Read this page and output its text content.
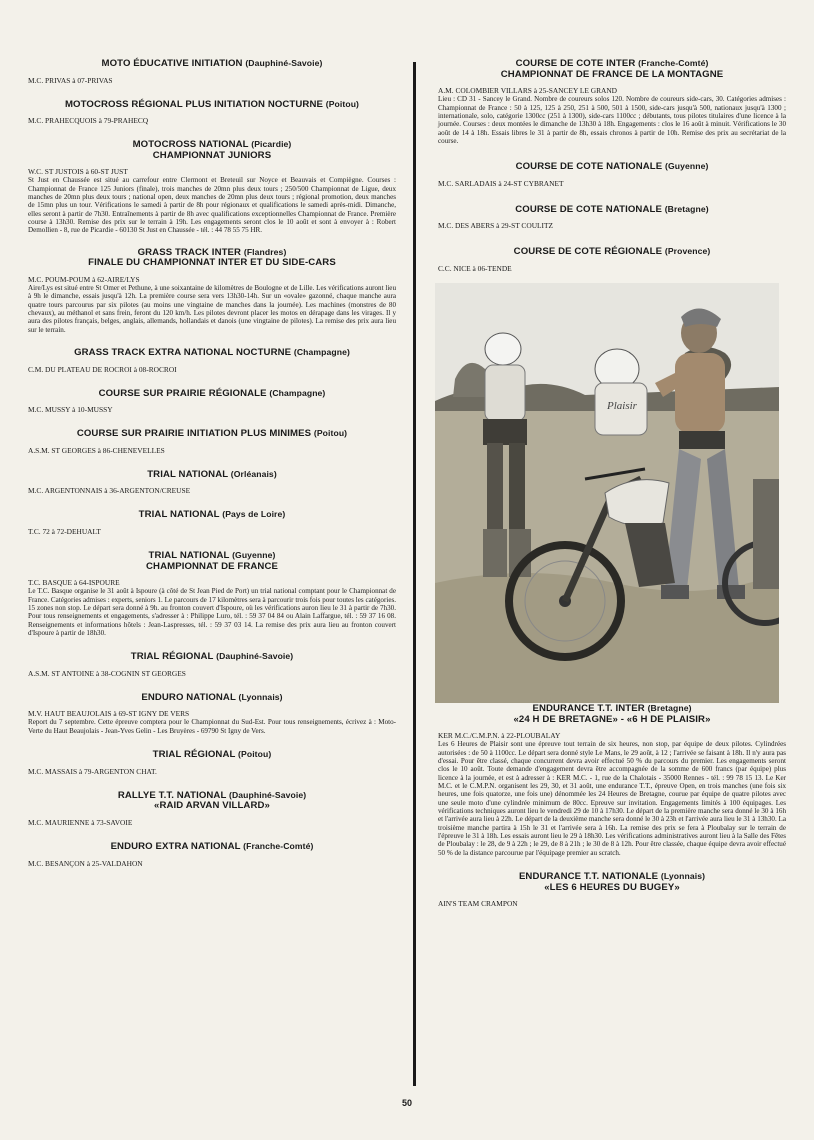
MOTO ÉDUCATIVE INITIATION (Dauphiné-Savoie)

M.C. PRIVAS à 07-PRIVAS

MOTOCROSS RÉGIONAL PLUS INITIATION NOCTURNE (Poitou)

M.C. PRAHECQUOIS à 79-PRAHECQ

MOTOCROSS NATIONAL (Picardie)
CHAMPIONNAT JUNIORS

W.C. ST JUSTOIS à 60-ST JUST

St Just en Chaussée est situé au carrefour entre Clermont et Breteuil sur Noyce et Beauvais et Compiègne. Courses : Championnat de France 125 Juniors (finale), trois manches de 20mn plus deux tours ; 250/500 Championnat de Ligue, deux manches de 20mn plus deux tours ; national open, deux manches de 20mn plus deux tours ; régional promotion, deux manches de 15mn plus un tour. Vérifications le samedi à partir de 8h pour régionaux et qualifications le samedi après-midi. Dimanche, elles seront à partir de 7h30. Entraînements à partir de 8h avec qualifications exceptionnelles Championnat de France. Première course à 13h30. Remise des prix sur le terrain à 19h. Les engagements seront clos le 10 août et sont à envoyer à : Robert Demollien - 8, rue de Picardie - 60130 St Just en Chaussée - tél. : 44 78 55 75 HR.

GRASS TRACK INTER (Flandres)
FINALE DU CHAMPIONNAT INTER ET DU SIDE-CARS

M.C. POUM-POUM à 62-AIRE/LYS

Aire/Lys est situé entre St Omer et Pethune, à une soixantaine de kilomètres de Boulogne et de Lille. Les vérifications auront lieu à 9h le dimanche, essais jusqu'à 12h. La première course sera vers 13h30-14h. Sur un «ovale» gazonné, chaque manche aura quatre tours parcourus par six pilotes (au moins une vingtaine de manches dans la journée). Les machines (monstres de 80 chevaux), au méthanol et sans frein, feront du 120 km/h. Les pilotes devront placer les motos en dérapage dans les virages. Il y aura des pilotes français, belges, anglais, allemands, hollandais et danois (une vingtaine de pilotes). La remise des prix aura lieu sur le terrain.

GRASS TRACK EXTRA NATIONAL NOCTURNE (Champagne)

C.M. DU PLATEAU DE ROCROI à 08-ROCROI

COURSE SUR PRAIRIE RÉGIONALE (Champagne)

M.C. MUSSY à 10-MUSSY

COURSE SUR PRAIRIE INITIATION PLUS MINIMES (Poitou)

A.S.M. ST GEORGES à 86-CHENEVELLES

TRIAL NATIONAL (Orléanais)

M.C. ARGENTONNAIS à 36-ARGENTON/CREUSE

TRIAL NATIONAL (Pays de Loire)

T.C. 72 à 72-DEHUALT

TRIAL NATIONAL (Guyenne)
CHAMPIONNAT DE FRANCE

T.C. BASQUE à 64-ISPOURE

Le T.C. Basque organise le 31 août à Ispoure (à côté de St Jean Pied de Port) un trial national comptant pour le Championnat de France. Catégories admises : experts, seniors 1. Le parcours de 17 kilomètres sera à parcourir trois fois pour toutes les catégories. 15 zones non stop. Le départ sera donné à 9h. au fronton couvert d'Ispoure, où les vérifications auron lieu le 31 à partir de 7h30. Pour tous renseignements et engagements, s'adresser à : Philippe Luro, tél. : 59 37 04 84 ou Alain Laffargue, tél. : 59 37 16 08. Renseignements et informations hôtels : Jean-Laspresses, tél. : 59 37 03 14. La remise des prix aura lieu au fronton couvert d'Ispoure à partir de 18h30.

TRIAL RÉGIONAL (Dauphiné-Savoie)

A.S.M. ST ANTOINE à 38-COGNIN ST GEORGES

ENDURO NATIONAL (Lyonnais)

M.V. HAUT BEAUJOLAIS à 69-ST IGNY DE VERS

Report du 7 septembre. Cette épreuve comptera pour le Championnat du Sud-Est. Pour tous renseignements, écrivez à : Moto-Verte du Haut Beaujolais - Jean-Yves Gelin - Les Bruyères - 69790 St Igny de Vers.

TRIAL RÉGIONAL (Poitou)

M.C. MASSAIS à 79-ARGENTON CHAT.

RALLYE T.T. NATIONAL (Dauphiné-Savoie)
«RAID ARVAN VILLARD»

M.C. MAURIENNE à 73-SAVOIE

ENDURO EXTRA NATIONAL (Franche-Comté)

M.C. BESANÇON à 25-VALDAHON

COURSE DE COTE INTER (Franche-Comté)
CHAMPIONNAT DE FRANCE DE LA MONTAGNE

A.M. COLOMBIER VILLARS à 25-SANCEY LE GRAND

Lieu : CD 31 - Sancey le Grand. Nombre de coureurs solos 120. Nombre de coureurs side-cars, 30. Catégories admises : Championnat de France : 50 à 125, 125 à 250, 251 à 500, 501 à 1500, side-cars jusqu'à 500, nationaux jusqu'à 1300 ; internationale, solo, catégorie 1300cc (251 à 1300), side-cars 1100cc ; débutants, tous pilotes titulaires d'une licence à la journée. Courses : deux montées le dimanche de 13h30 à 18h. Engagements : clos le 16 août à minuit. Vérifications le 30 août de 14 à 18h. Essais libres le 31 à partir de 8h, essais chronos à partir de 10h. Remise des prix au secrétariat de la course.

COURSE DE COTE NATIONALE (Guyenne)

M.C. SARLADAIS à 24-ST CYBRANET

COURSE DE COTE NATIONALE (Bretagne)

M.C. DES ABERS à 29-ST COULITZ

COURSE DE COTE RÉGIONALE (Provence)

C.C. NICE à 06-TENDE

Plaisir
ENDURANCE T.T. INTER (Bretagne)
«24 H DE BRETAGNE» - «6 H DE PLAISIR»

KER M.C./C.M.P.N. à 22-PLOUBALAY

Les 6 Heures de Plaisir sont une épreuve tout terrain de six heures, non stop, par équipe de deux pilotes. Cylindrées autorisées : de 50 à 1100cc. Le départ sera donné style Le Mans, le 29 août, à 12 ; l'arrivée se faisant à 18h. Il n'y aura pas d'essai. Pour être classé, chaque concurrent devra avoir effectué 50 % du parcours du premier. Les engagements seront clos le 10 août. Toute demande d'engagement devra être accompagnée de la somme de 600 francs (par équipe) plus licence à la journée, et est à adresser à : KER M.C. - 1, rue de la Chalotais - 35000 Rennes - tél. : 99 78 15 13. Le Ker M.C. et le C.M.P.N. organisent les 29, 30, et 31 août, une endurance T.T., épreuve Open, en trois manches (une fois six heures, une fois quatorze, une fois une) dénommée les 24 Heures de Bretagne, courue par équipe de quatre pilotes avec une seule moto d'une cylindrée minimum de 80cc. Epreuve sur invitation. Engagements limités à 100 équipages. Les vérifications techniques auront lieu le vendredi 29 de 10 à 17h30. Le départ de la première manche sera donné le 30 à 16h et l'arrivée aura lieu à 22h. Le départ de la deuxième manche sera donné le 30 à 23h et l'arrivée aura lieu le 31 à 13h30. La troisième manche partira à 15h le 31 et l'arrivée sera à 16h. La remise des prix se fera à Ploubalay sur le terrain de l'épreuve le 31 à 18h. Les essais auront lieu le 29 à 18h30. Les vérifications administratives auront lieu à la Salle des Fêtes de Ploubalay : le 28, de 9 à 22h ; le 29, de 8 à 21h ; le 30 de 8 à 12h. Pour être classée, chaque équipe devra avoir effectué 50 % de la distance parcourue par l'équipage premier au scratch.

ENDURANCE T.T. NATIONALE (Lyonnais)
«LES 6 HEURES DU BUGEY»

AIN'S TEAM CRAMPON

50
